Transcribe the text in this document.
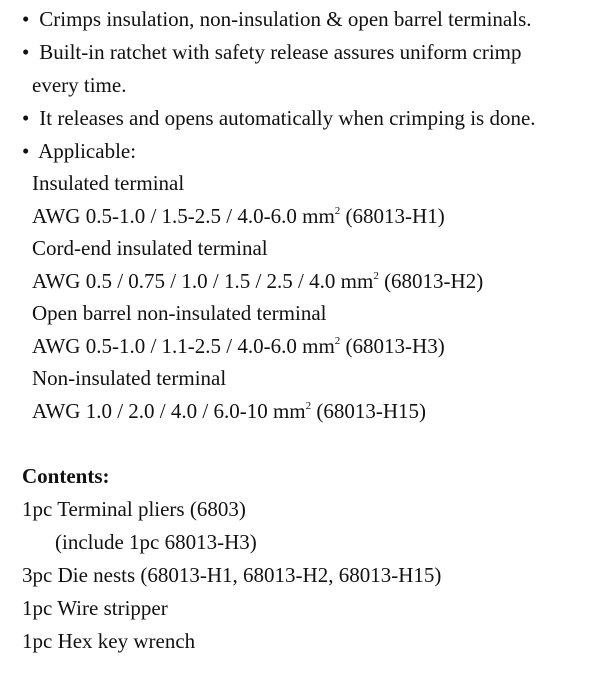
• Crimps insulation, non-insulation & open barrel terminals.
• Built-in ratchet with safety release assures uniform crimp
every time.
• It releases and opens automatically when crimping is done.
• Applicable:
Insulated terminal
AWG 0.5-1.0 / 1.5-2.5 / 4.0-6.0 $mm^2$ (68013-H1)
Cord-end insulated terminal
AWG 0.5 / 0.75 / 1.0 / 1.5 / 2.5 / 4.0 $mm^2$ (68013-H2)
Open barrel non-insulated terminal
AWG 0.5-1.0 / 1.1-2.5 / 4.0-6.0 $mm^2$ (68013-H3)
Non-insulated terminal
AWG 1.0 / 2.0 / 4.0 / 6.0-10 $mm^2$ (68013-H15)
Contents:
1pc Terminal pliers (6803)
(include 1pc 68013-H3)
3pc Die nests (68013-H1, 68013-H2, 68013-H15)
1pc Wire stripper
1pc Hex key wrench
